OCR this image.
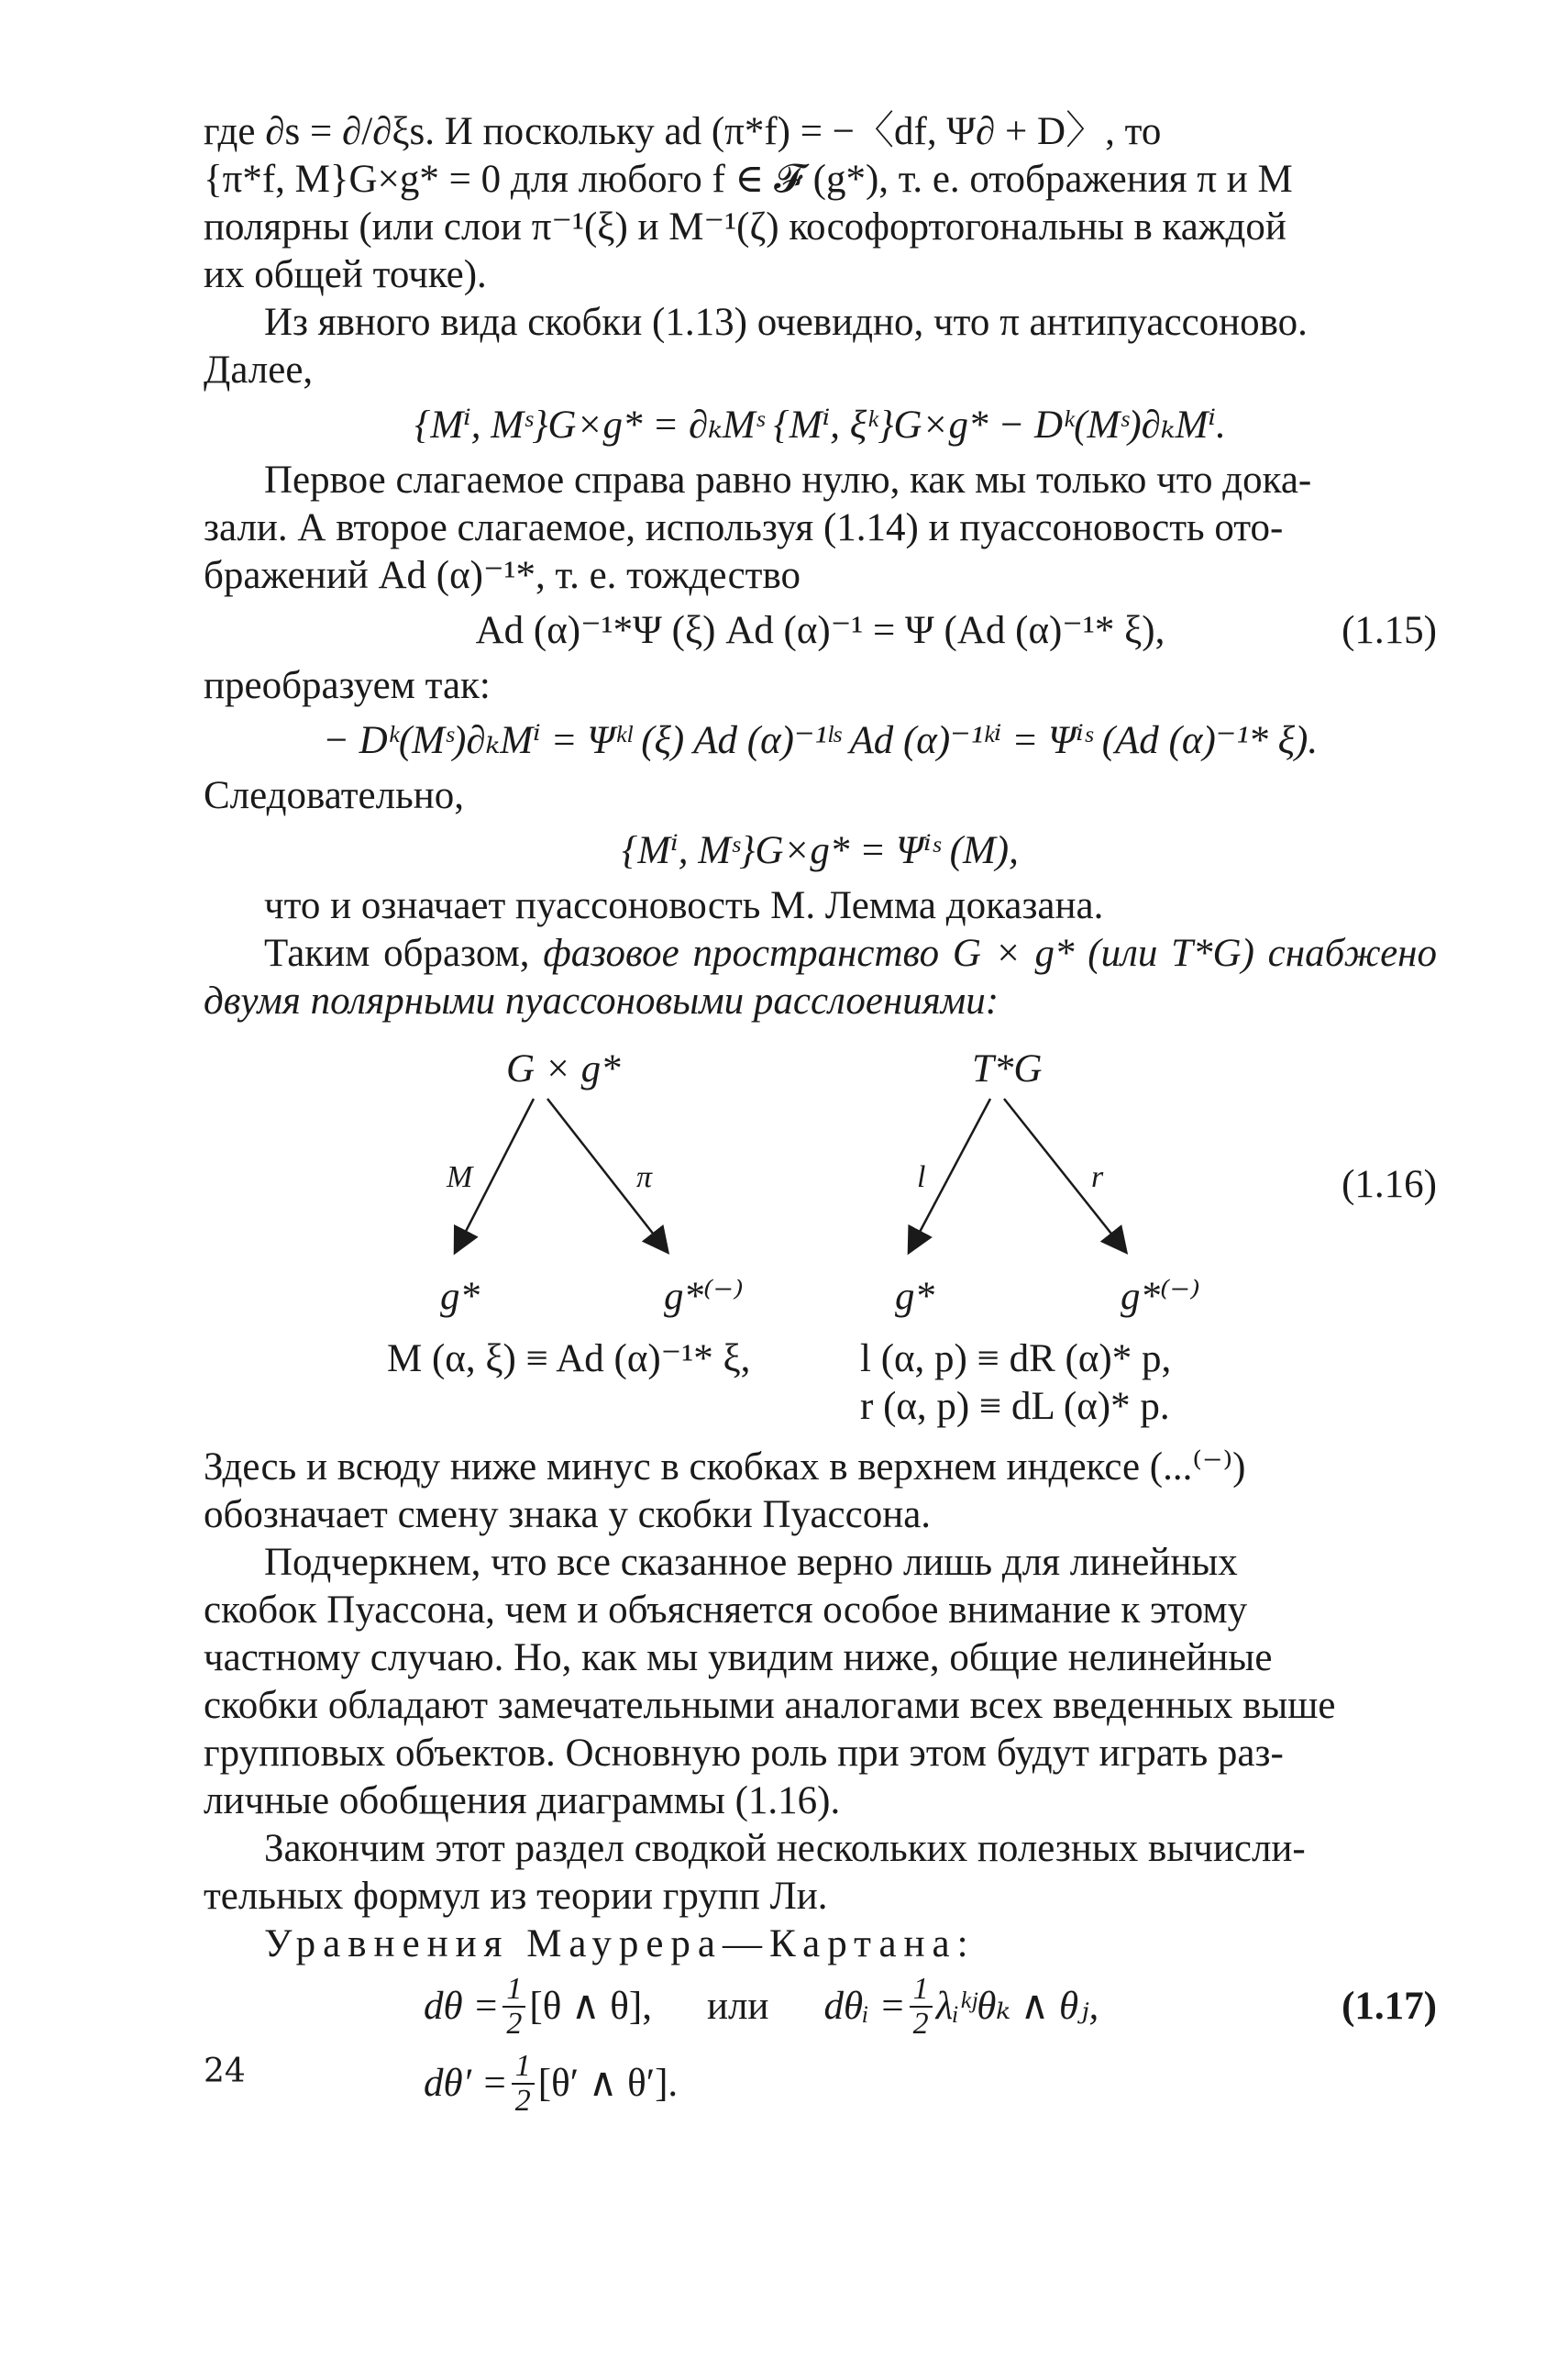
где ∂s = ∂/∂ξs. И поскольку ad (π*f) = −〈df, Ψ∂ + D〉, то
{π*f, M}G×g* = 0 для любого f ∈ 𝓕 (g*), т. е. отображения π и M
полярны (или слои π⁻¹(ξ) и M⁻¹(ζ) кософортогональны в каждой
их общей точке).

Из явного вида скобки (1.13) очевидно, что π антипуассоново.
Далее,

{Mⁱ, Mˢ}G×g* = ∂ₖMˢ {Mⁱ, ξᵏ}G×g* − Dᵏ(Mˢ)∂ₖMⁱ.

Первое слагаемое справа равно нулю, как мы только что дока-
зали. А второе слагаемое, используя (1.14) и пуассоновость ото-
бражений Ad (α)⁻¹*, т. е. тождество

Ad (α)⁻¹*Ψ (ξ) Ad (α)⁻¹ = Ψ (Ad (α)⁻¹* ξ),	(1.15)

преобразуем так:

− Dᵏ(Mˢ)∂ₖMⁱ = Ψᵏˡ (ξ) Ad (α)⁻¹ˡˢ Ad (α)⁻¹ᵏⁱ = Ψⁱˢ (Ad (α)⁻¹* ξ).

Следовательно,

{Mⁱ, Mˢ}G×g* = Ψⁱˢ (M),

что и означает пуассоновость M. Лемма доказана.

Таким образом, фазовое пространство G × g* (или T*G) снабжено двумя полярными пуассоновыми расслоениями:

G × g*
M	π
g*	g*⁽⁻⁾
M (α, ξ) ≡ Ad (α)⁻¹* ξ,
T*G
l	r
g*	g*⁽⁻⁾
l (α, p) ≡ dR (α)* p,
r (α, p) ≡ dL (α)* p.
(1.16)

Здесь и всюду ниже минус в скобках в верхнем индексе (...⁽⁻⁾)
обозначает смену знака у скобки Пуассона.

Подчеркнем, что все сказанное верно лишь для линейных
скобок Пуассона, чем и объясняется особое внимание к этому
частному случаю. Но, как мы увидим ниже, общие нелинейные
скобки обладают замечательными аналогами всех введенных выше
групповых объектов. Основную роль при этом будут играть раз-
личные обобщения диаграммы (1.16).

Закончим этот раздел сводкой нескольких полезных вычисли-
тельных формул из теории групп Ли.

Уравнения Маурера—Картана:

$d\theta = \frac{1}{2} [\theta$ ∧ θ], или dθᵢ = $\frac{1}{2}$ λᵢᵏʲθₖ ∧ θⱼ,	(1.17)
$d\theta' = \frac{1}{2} [\theta'$ ∧ θ′].
24
